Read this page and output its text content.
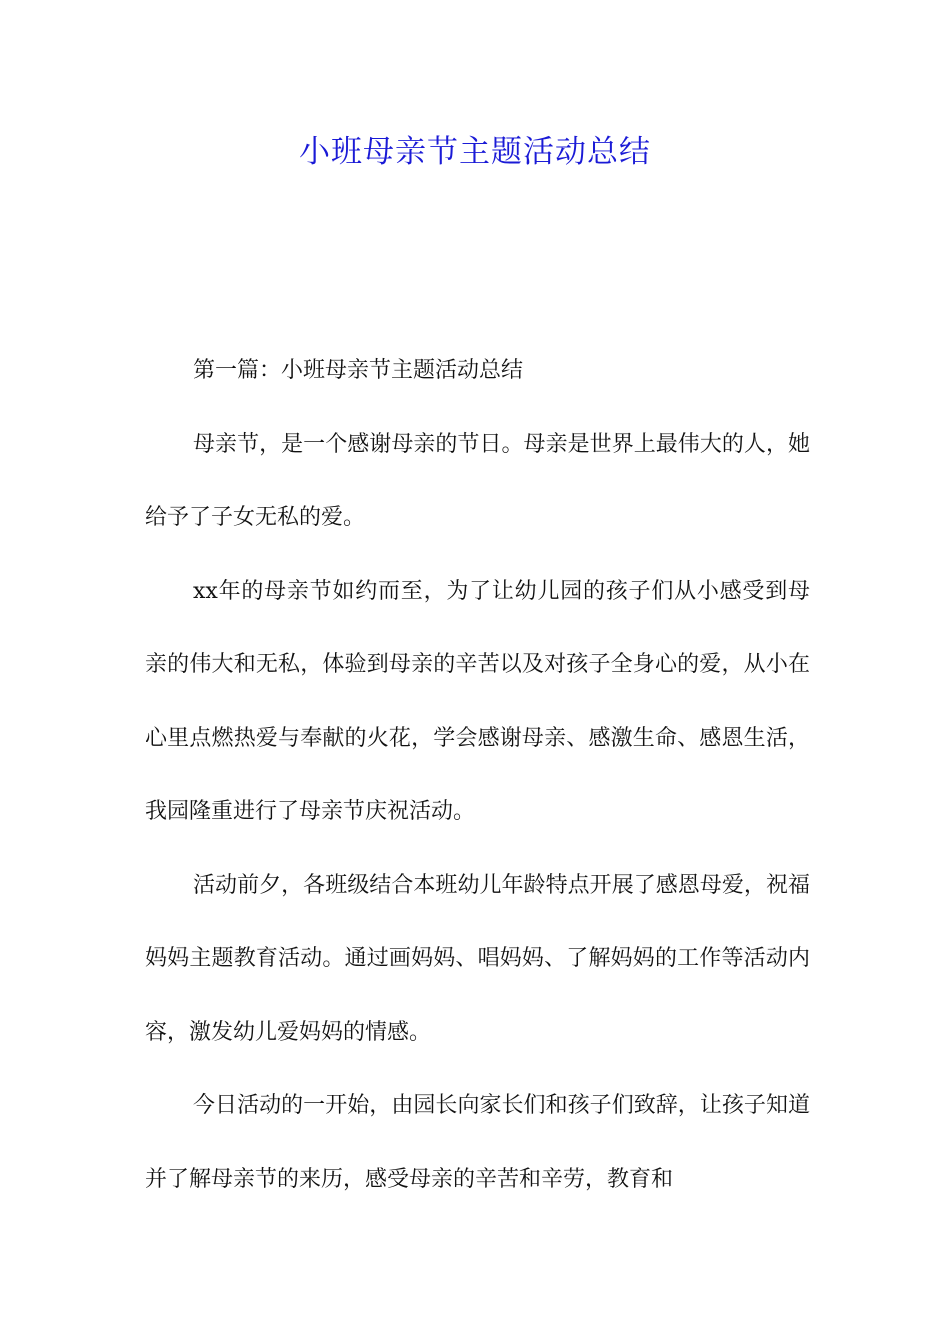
小班母亲节主题活动总结

第一篇：小班母亲节主题活动总结

母亲节，是一个感谢母亲的节日。母亲是世界上最伟大的人，她给予了子女无私的爱。

xx年的母亲节如约而至，为了让幼儿园的孩子们从小感受到母亲的伟大和无私，体验到母亲的辛苦以及对孩子全身心的爱，从小在心里点燃热爱与奉献的火花，学会感谢母亲、感激生命、感恩生活， 我园隆重进行了母亲节庆祝活动。

活动前夕，各班级结合本班幼儿年龄特点开展了感恩母爱，祝福妈妈主题教育活动。通过画妈妈、唱妈妈、了解妈妈的工作等活动内容，激发幼儿爱妈妈的情感。

今日活动的一开始，由园长向家长们和孩子们致辞，让孩子知道并了解母亲节的来历，感受母亲的辛苦和辛劳，教育和
